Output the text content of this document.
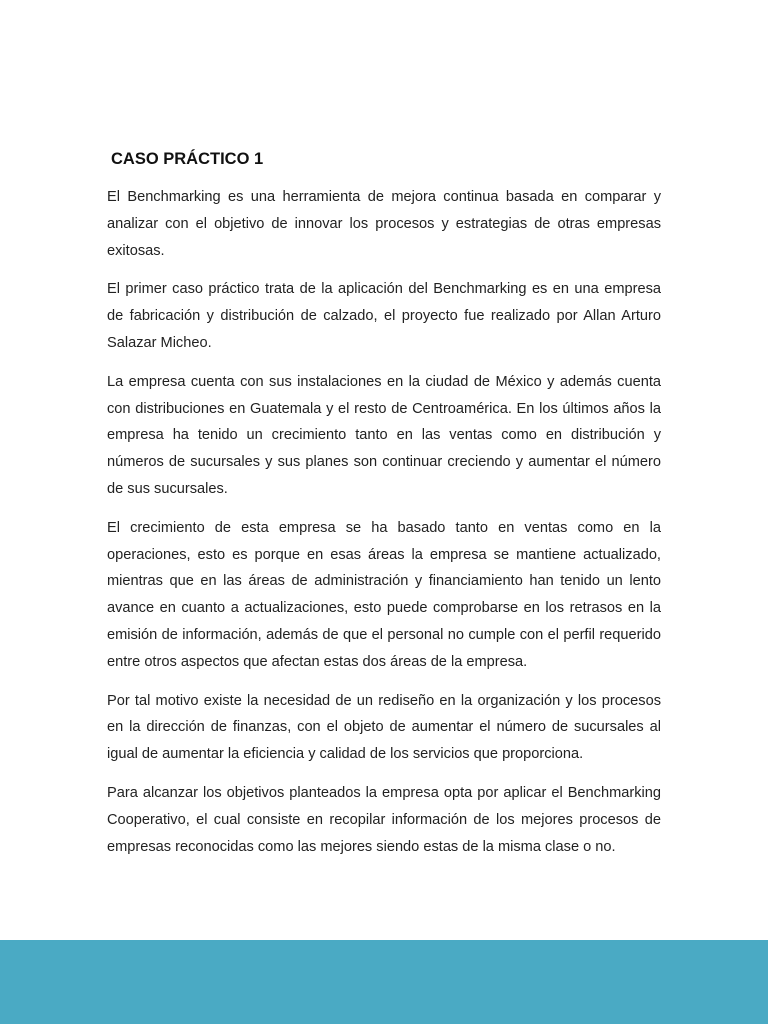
CASO PRÁCTICO 1

El Benchmarking es una herramienta de mejora continua basada en comparar y analizar con el objetivo de innovar los procesos y estrategias de otras empresas exitosas.

El primer caso práctico trata de la aplicación del Benchmarking es en una empresa de fabricación y distribución de calzado, el proyecto fue realizado por Allan Arturo Salazar Micheo.

La empresa cuenta con sus instalaciones en la ciudad de México y además cuenta con distribuciones en Guatemala y el resto de Centroamérica. En los últimos años la empresa ha tenido un crecimiento tanto en las ventas como en distribución y números de sucursales y sus planes son continuar creciendo y aumentar el número de sus sucursales.

El crecimiento de esta empresa se ha basado tanto en ventas como en la operaciones, esto es porque en esas áreas la empresa se mantiene actualizado, mientras que en las áreas de administración y financiamiento han tenido un lento avance en cuanto a actualizaciones, esto puede comprobarse en los retrasos en la emisión de información, además de que el personal no cumple con el perfil requerido entre otros aspectos que afectan estas dos áreas de la empresa.

Por tal motivo existe la necesidad de un rediseño en la organización y los procesos en la dirección de finanzas, con el objeto de aumentar el número de sucursales al igual de aumentar la eficiencia y calidad de los servicios que proporciona.

Para alcanzar los objetivos planteados la empresa opta por aplicar el Benchmarking Cooperativo, el cual consiste en recopilar información de los mejores procesos de empresas reconocidas como las mejores siendo estas de la misma clase o no.
